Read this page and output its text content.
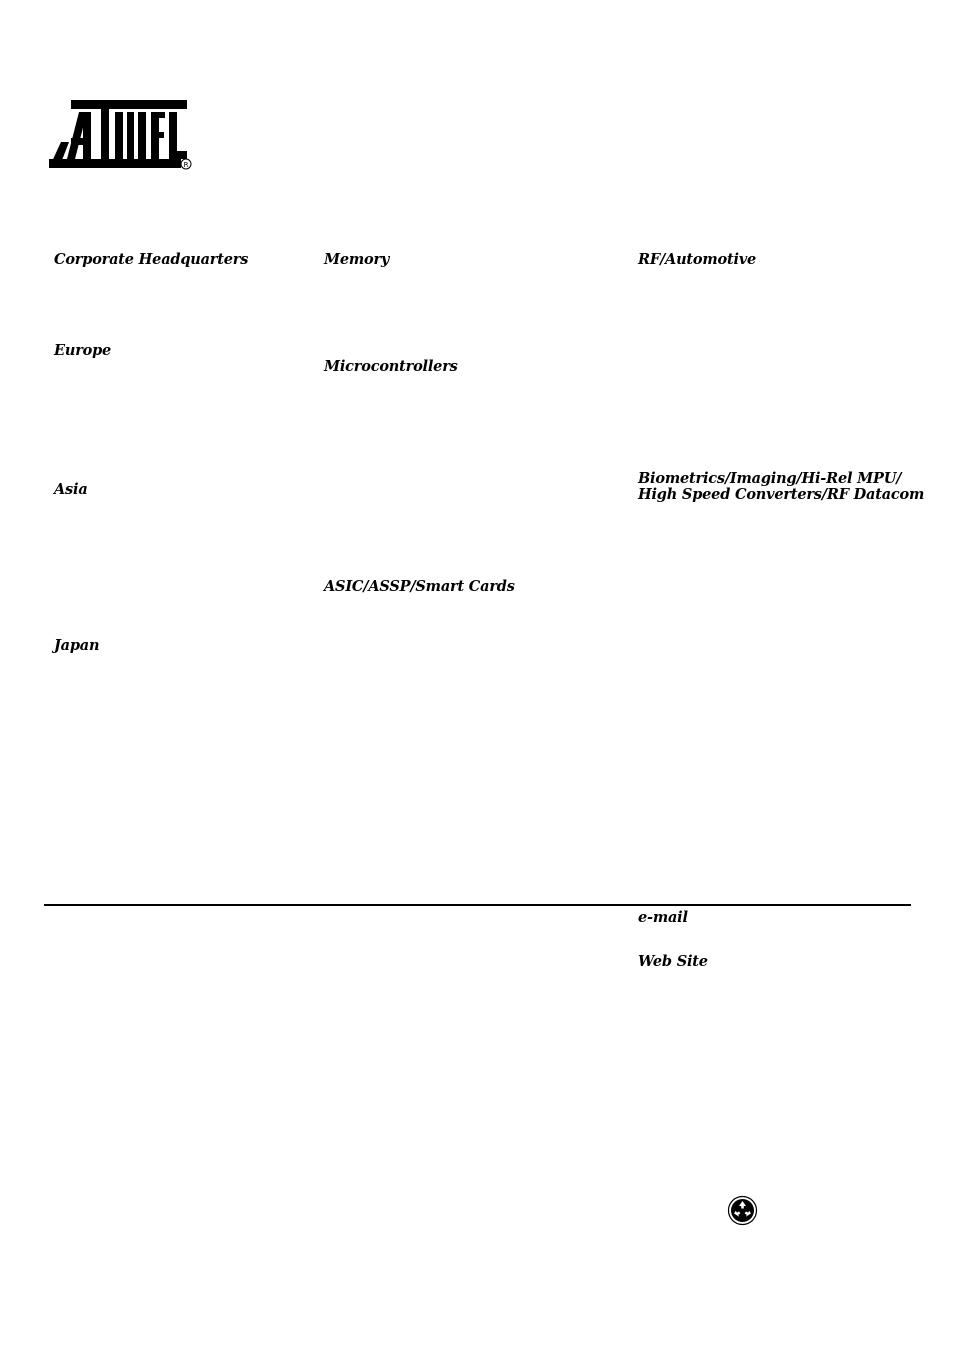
R
Corporate Headquarters
Europe
Asia
Japan
Memory
Microcontrollers
ASIC/ASSP/Smart Cards
RF/Automotive
Biometrics/Imaging/Hi-Rel MPU/
High Speed Converters/RF Datacom
e-mail
Web Site
